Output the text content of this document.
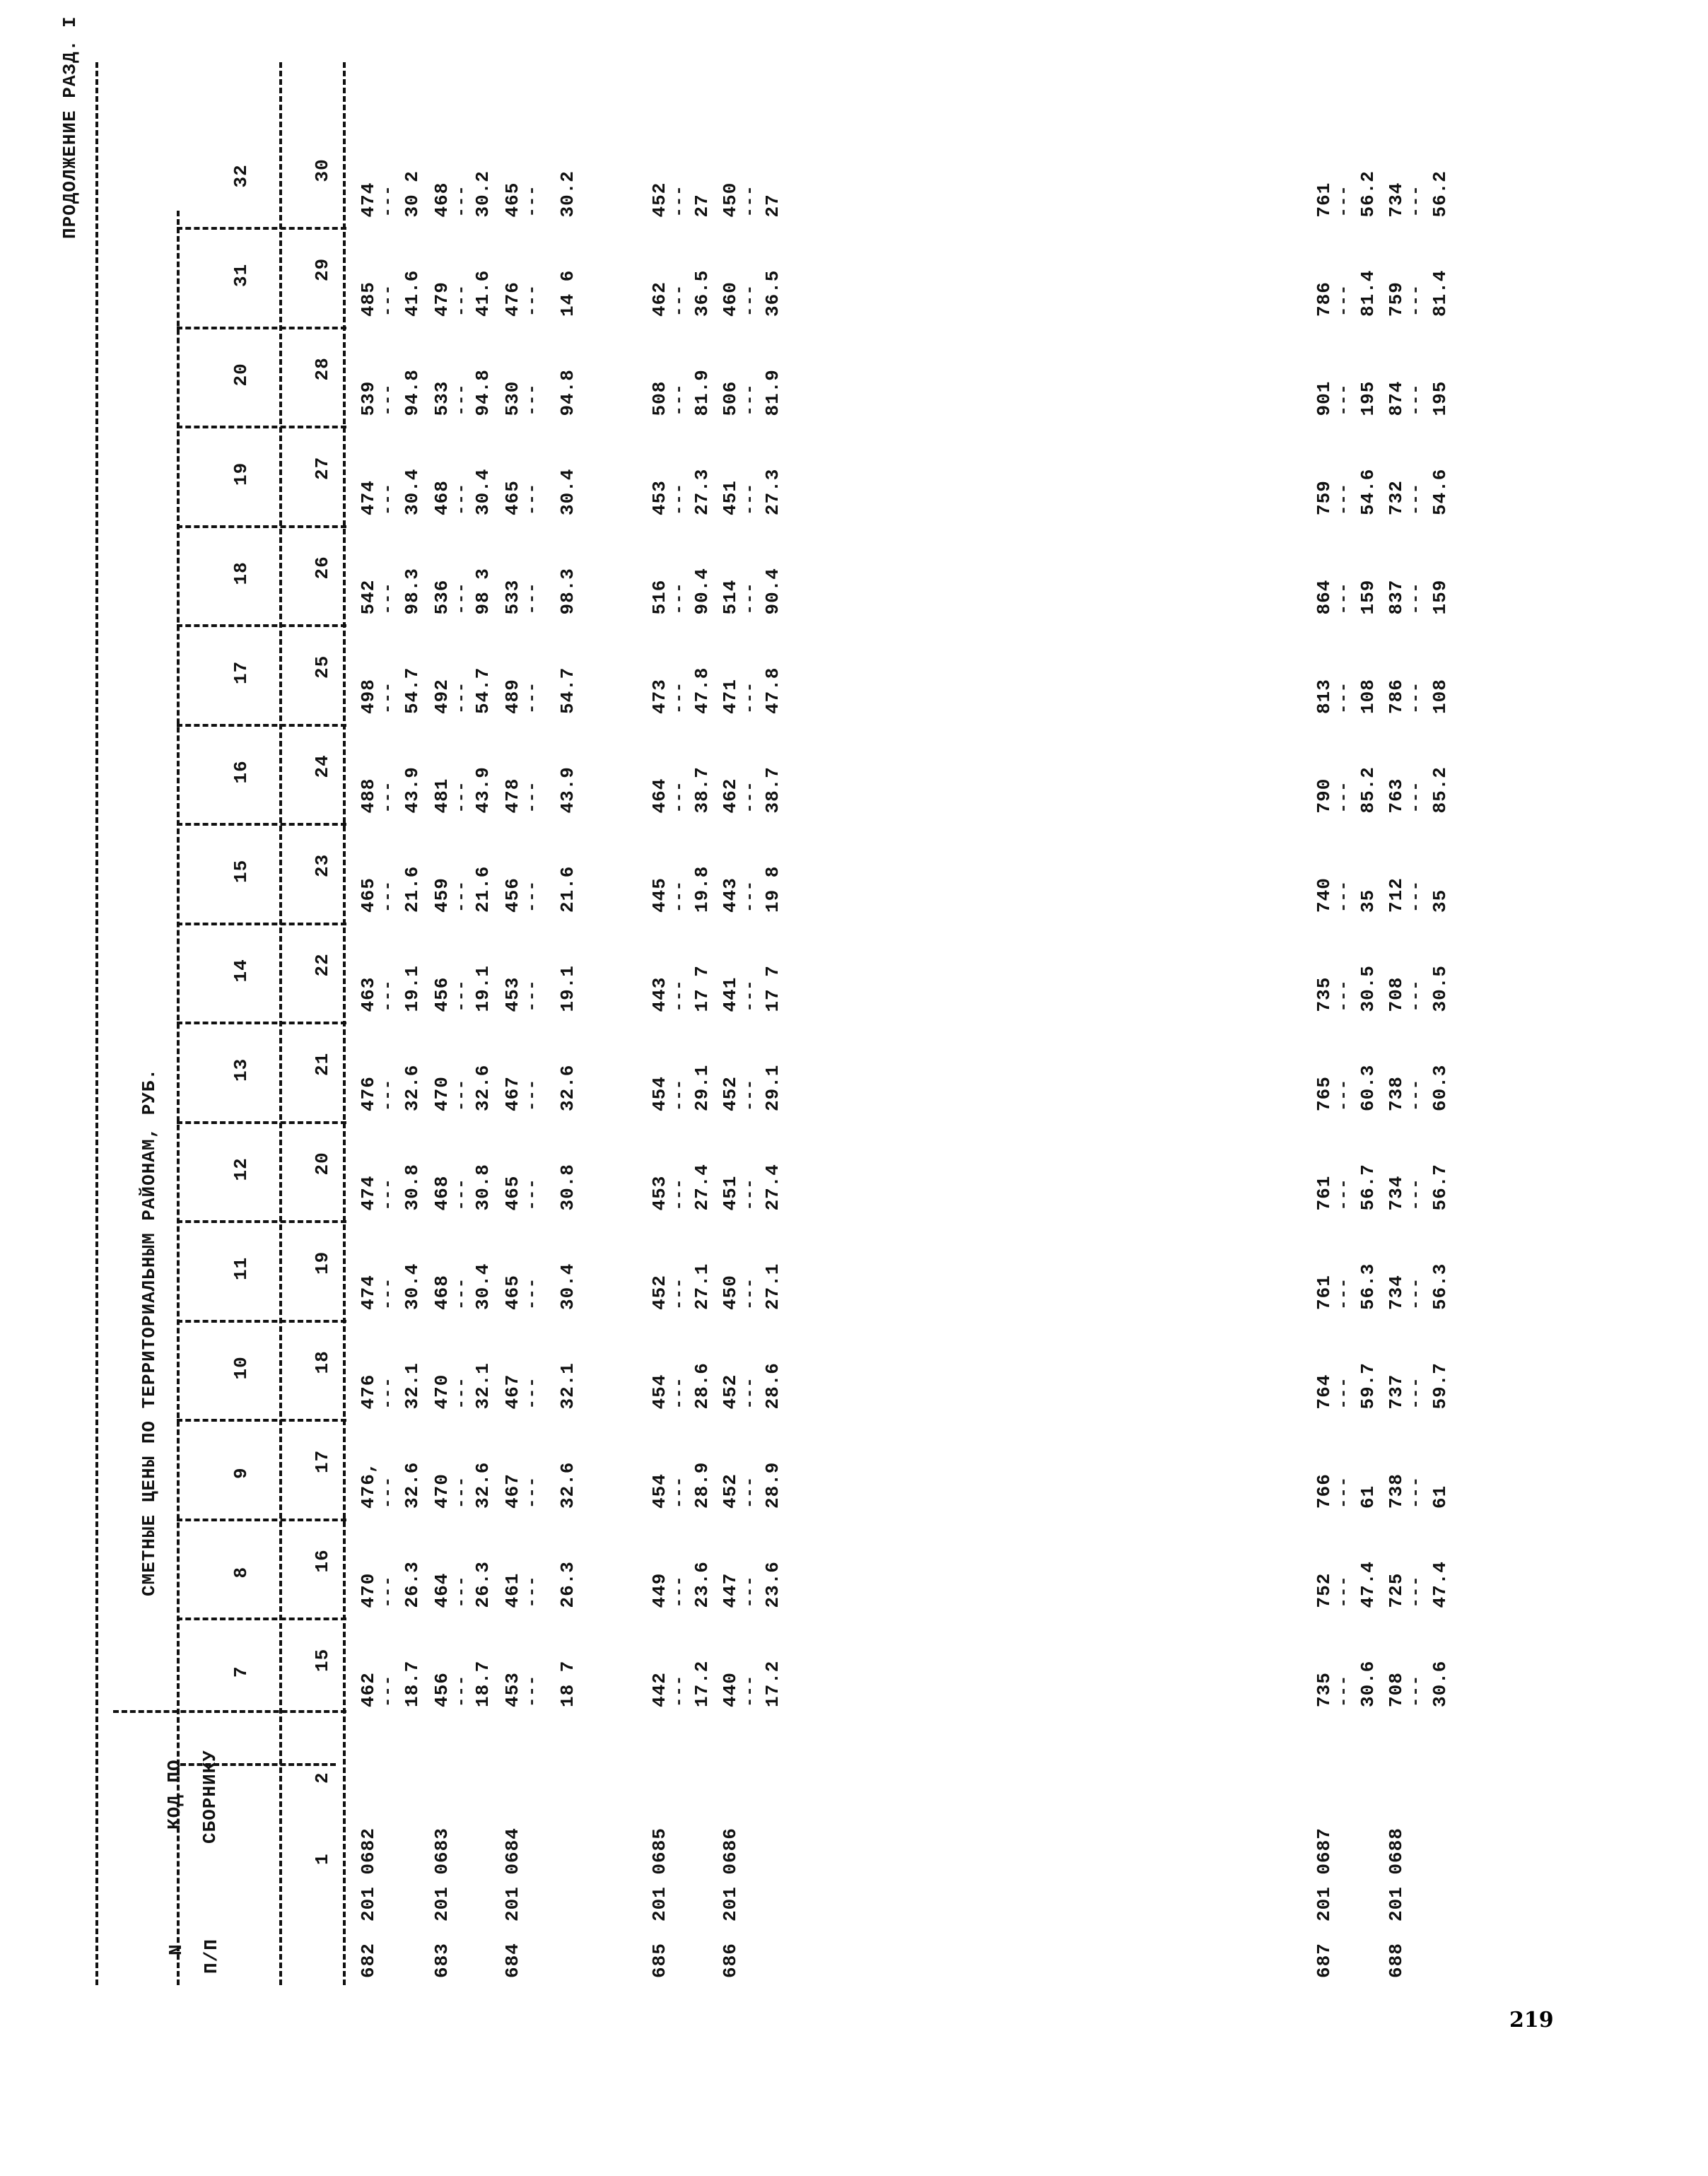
ПРОДОЛЖЕНИЕ РАЗД. I
СМЕТНЫЕ ЦЕНЫ ПО ТЕРРИТОРИАЛЬНЫМ РАЙОНАМ, РУБ.
N П/П
КОД ПО СБОРНИКУ
7
8
9
10
11
12
13
14
15
16
17
18
19
20
31
32
1
2
15
16
17
18
19
20
21
22
23
24
25
26
27
28
29
30
682
201 0682
462
470
476,
476
474
474
476
463
465
488
498
542
474
539
485
474
---
---
---
---
---
---
---
---
---
---
---
---
---
---
---
---
18.7
26.3
32.6
32.1
30.4
30.8
32.6
19.1
21.6
43.9
54.7
98.3
30.4
94.8
41.6
30 2
683
201 0683
456
464
470
470
468
468
470
456
459
481
492
536
468
533
479
468
---
---
---
---
---
---
---
---
---
---
---
---
---
---
---
---
18.7
26.3
32.6
32.1
30.4
30.8
32.6
19.1
21.6
43.9
54.7
98 3
30.4
94.8
41.6
30.2
684
201 0684
453
461
467
467
465
465
467
453
456
478
489
533
465
530
476
465
---
---
---
---
---
---
---
---
---
---
---
---
---
---
---
---
18 7
26.3
32.6
32.1
30.4
30.8
32.6
19.1
21.6
43.9
54.7
98.3
30.4
94.8
14 6
30.2
685
201 0685
442
449
454
454
452
453
454
443
445
464
473
516
453
508
462
452
---
---
---
---
---
---
---
---
---
---
---
---
---
---
---
---
17.2
23.6
28.9
28.6
27.1
27.4
29.1
17 7
19.8
38.7
47.8
90.4
27.3
81.9
36.5
27
686
201 0686
440
447
452
452
450
451
452
441
443
462
471
514
451
506
460
450
---
---
---
---
---
---
---
---
---
---
---
---
---
---
---
---
17.2
23.6
28.9
28.6
27.1
27.4
29.1
17 7
19 8
38.7
47.8
90.4
27.3
81.9
36.5
27
687
201 0687
735
752
766
764
761
761
765
735
740
790
813
864
759
901
786
761
---
---
---
---
---
---
---
---
---
---
---
---
---
---
---
---
30.6
47.4
61
59.7
56.3
56.7
60.3
30.5
35
85.2
108
159
54.6
195
81.4
56.2
688
201 0688
708
725
738
737
734
734
738
708
712
763
786
837
732
874
759
734
---
---
---
---
---
---
---
---
---
---
---
---
---
---
---
---
30.6
47.4
61
59.7
56.3
56.7
60.3
30.5
35
85.2
108
159
54.6
195
81.4
56.2
219
